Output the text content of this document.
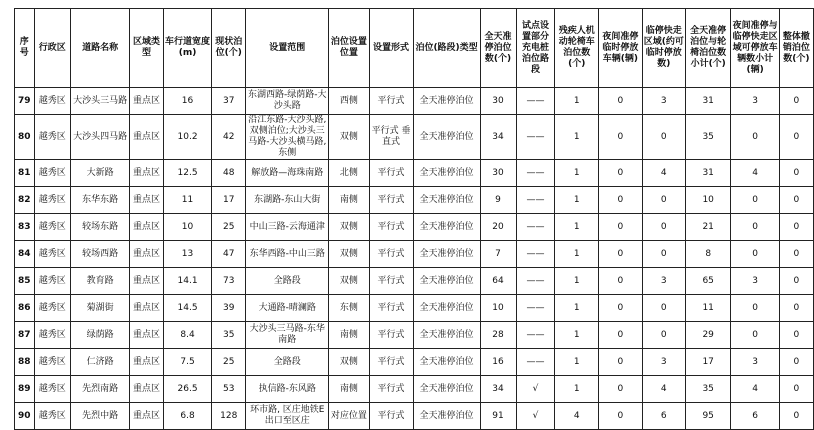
序号	行政区	道路名称	区域类型	车行道宽度(m)	现状泊位(个)	设置范围	泊位设置位置	设置形式	泊位(路段)类型	全天准停泊位数(个)	试点设置部分充电桩泊位路段	残疾人机动轮椅车泊位数(个)	夜间准停临时停放车辆(辆)	临停快走区域(约可临时停放数)	全天准停泊位与轮椅泊位数小计(个)	夜间准停与临停快走区域可停放车辆数小计(辆)	整体撤销泊位数(个)
79	越秀区	大沙头三马路	重点区	16	37	东湖西路-绿荫路-大沙头路	西侧	平行式	全天准停泊位	30	——	1	0	3	31	3	0
80	越秀区	大沙头四马路	重点区	10.2	42	沿江东路-大沙头路,双侧泊位;大沙头三马路-大沙头横马路,东侧	双侧	平行式 垂直式	全天准停泊位	34	——	1	0	0	35	0	0
81	越秀区	大新路	重点区	12.5	48	解放路—海珠南路	北侧	平行式	全天准停泊位	30	——	1	0	4	31	4	0
82	越秀区	东华东路	重点区	11	17	东湖路-东山大街	南侧	平行式	全天准停泊位	9	——	1	0	0	10	0	0
83	越秀区	较场东路	重点区	10	25	中山三路-云海通津	双侧	平行式	全天准停泊位	20	——	1	0	0	21	0	0
84	越秀区	较场西路	重点区	13	47	东华西路-中山三路	双侧	平行式	全天准停泊位	7	——	1	0	0	8	0	0
85	越秀区	教育路	重点区	14.1	73	全路段	双侧	平行式	全天准停泊位	64	——	1	0	3	65	3	0
86	越秀区	菊湖街	重点区	14.5	39	大通路-晴澜路	东侧	平行式	全天准停泊位	10	——	1	0	0	11	0	0
87	越秀区	绿荫路	重点区	8.4	35	大沙头三马路-东华南路	南侧	平行式	全天准停泊位	28	——	1	0	0	29	0	0
88	越秀区	仁济路	重点区	7.5	25	全路段	双侧	平行式	全天准停泊位	16	——	1	0	3	17	3	0
89	越秀区	先烈南路	重点区	26.5	53	执信路-东风路	南侧	平行式	全天准停泊位	34	√	1	0	4	35	4	0
90	越秀区	先烈中路	重点区	6.8	128	环市路, 区庄地铁E出口至区庄	对应位置	平行式	全天准停泊位	91	√	4	0	6	95	6	0
